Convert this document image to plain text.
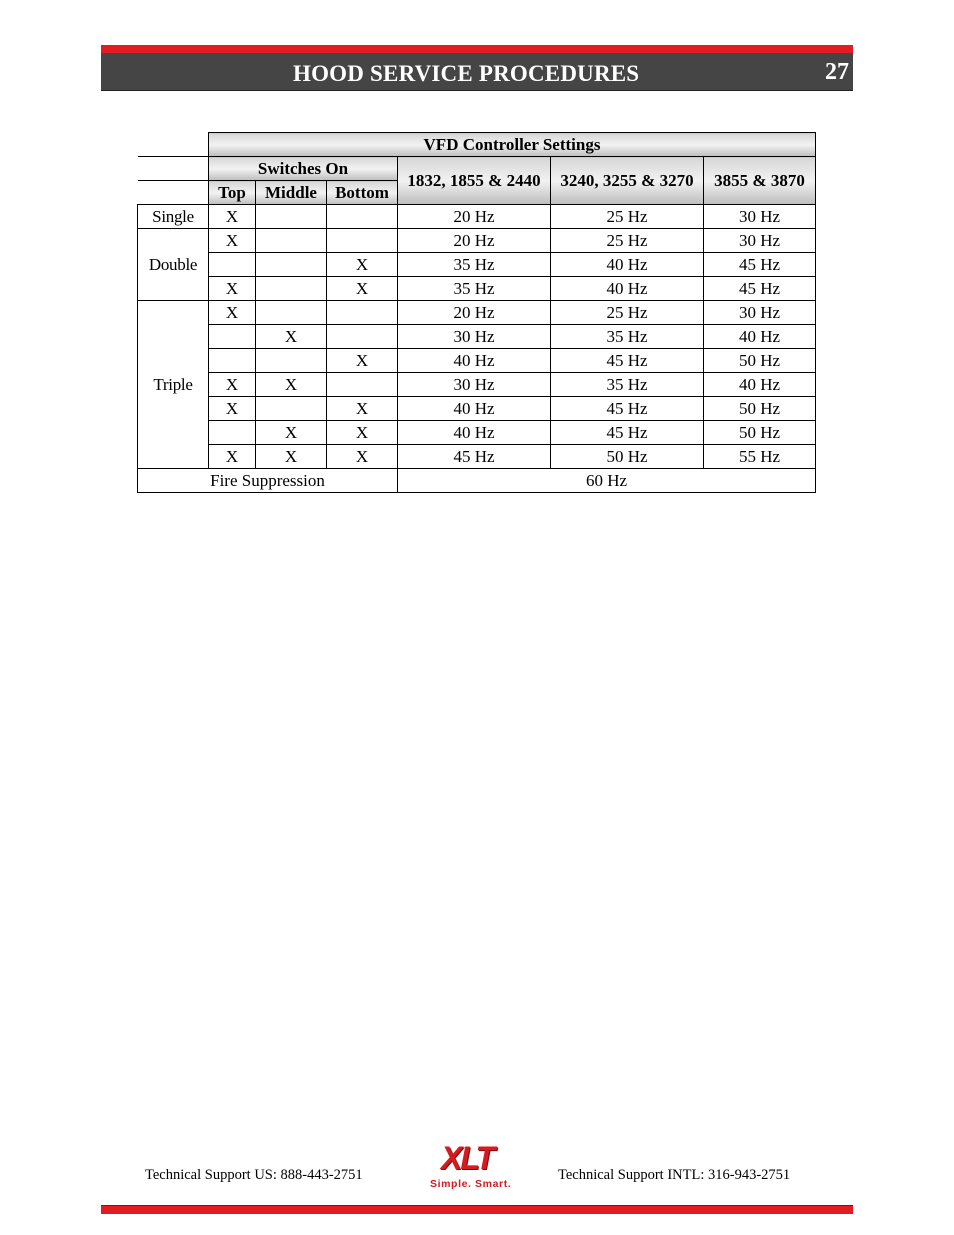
HOOD SERVICE PROCEDURES	27
	VFD Controller Settings					
	Switches On			1832, 1855 & 2440	3240, 3255 & 3270	3855 & 3870
	Top	Middle	Bottom			
Single	X			20 Hz	25 Hz	30 Hz
Double	X			20 Hz	25 Hz	30 Hz
			X	35 Hz	40 Hz	45 Hz
	X		X	35 Hz	40 Hz	45 Hz
Triple	X			20 Hz	25 Hz	30 Hz
		X		30 Hz	35 Hz	40 Hz
			X	40 Hz	45 Hz	50 Hz
	X	X		30 Hz	35 Hz	40 Hz
	X		X	40 Hz	45 Hz	50 Hz
		X	X	40 Hz	45 Hz	50 Hz
	X	X	X	45 Hz	50 Hz	55 Hz
Fire Suppression				60 Hz		
Technical Support US: 888-443-2751 XLT
Simple. Smart.
Technical Support INTL: 316-943-2751
